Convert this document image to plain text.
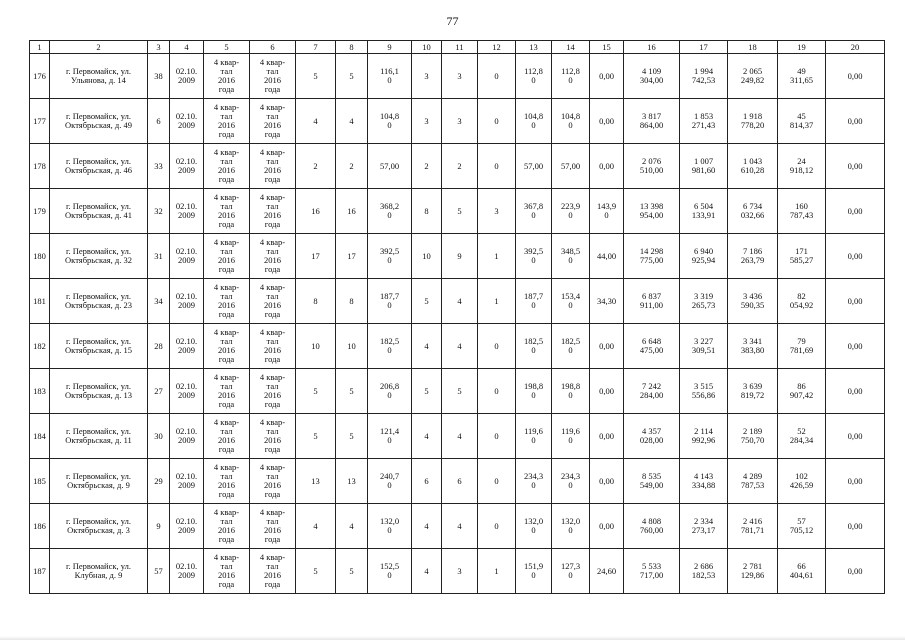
77
1	2	3	4	5	6	7	8	9	10	11	12	13	14	15	16	17	18	19	20
176	г. Первомайск, ул. Ульянова, д. 14	38	02.10.
2009	4 квар-
тал
2016
года	4 квар-
тал
2016
года	5	5	116,1
0	3	3	0	112,8
0	112,8
0	0,00	4 109
304,00	1 994
742,53	2 065
249,82	49
311,65	0,00
177	г. Первомайск, ул. Октябрьская, д. 49	6	02.10.
2009	4 квар-
тал
2016
года	4 квар-
тал
2016
года	4	4	104,8
0	3	3	0	104,8
0	104,8
0	0,00	3 817
864,00	1 853
271,43	1 918
778,20	45
814,37	0,00
178	г. Первомайск, ул. Октябрьская, д. 46	33	02.10.
2009	4 квар-
тал
2016
года	4 квар-
тал
2016
года	2	2	57,00	2	2	0	57,00	57,00	0,00	2 076
510,00	1 007
981,60	1 043
610,28	24
918,12	0,00
179	г. Первомайск, ул. Октябрьская, д. 41	32	02.10.
2009	4 квар-
тал
2016
года	4 квар-
тал
2016
года	16	16	368,2
0	8	5	3	367,8
0	223,9
0	143,9
0	13 398
954,00	6 504
133,91	6 734
032,66	160
787,43	0,00
180	г. Первомайск, ул. Октябрьская, д. 32	31	02.10.
2009	4 квар-
тал
2016
года	4 квар-
тал
2016
года	17	17	392,5
0	10	9	1	392,5
0	348,5
0	44,00	14 298
775,00	6 940
925,94	7 186
263,79	171
585,27	0,00
181	г. Первомайск, ул. Октябрьская, д. 23	34	02.10.
2009	4 квар-
тал
2016
года	4 квар-
тал
2016
года	8	8	187,7
0	5	4	1	187,7
0	153,4
0	34,30	6 837
911,00	3 319
265,73	3 436
590,35	82
054,92	0,00
182	г. Первомайск, ул. Октябрьская, д. 15	28	02.10.
2009	4 квар-
тал
2016
года	4 квар-
тал
2016
года	10	10	182,5
0	4	4	0	182,5
0	182,5
0	0,00	6 648
475,00	3 227
309,51	3 341
383,80	79
781,69	0,00
183	г. Первомайск, ул. Октябрьская, д. 13	27	02.10.
2009	4 квар-
тал
2016
года	4 квар-
тал
2016
года	5	5	206,8
0	5	5	0	198,8
0	198,8
0	0,00	7 242
284,00	3 515
556,86	3 639
819,72	86
907,42	0,00
184	г. Первомайск, ул. Октябрьская, д. 11	30	02.10.
2009	4 квар-
тал
2016
года	4 квар-
тал
2016
года	5	5	121,4
0	4	4	0	119,6
0	119,6
0	0,00	4 357
028,00	2 114
992,96	2 189
750,70	52
284,34	0,00
185	г. Первомайск, ул. Октябрьская, д. 9	29	02.10.
2009	4 квар-
тал
2016
года	4 квар-
тал
2016
года	13	13	240,7
0	6	6	0	234,3
0	234,3
0	0,00	8 535
549,00	4 143
334,88	4 289
787,53	102
426,59	0,00
186	г. Первомайск, ул. Октябрьская, д. 3	9	02.10.
2009	4 квар-
тал
2016
года	4 квар-
тал
2016
года	4	4	132,0
0	4	4	0	132,0
0	132,0
0	0,00	4 808
760,00	2 334
273,17	2 416
781,71	57
705,12	0,00
187	г. Первомайск, ул. Клубная, д. 9	57	02.10.
2009	4 квар-
тал
2016
года	4 квар-
тал
2016
года	5	5	152,5
0	4	3	1	151,9
0	127,3
0	24,60	5 533
717,00	2 686
182,53	2 781
129,86	66
404,61	0,00
